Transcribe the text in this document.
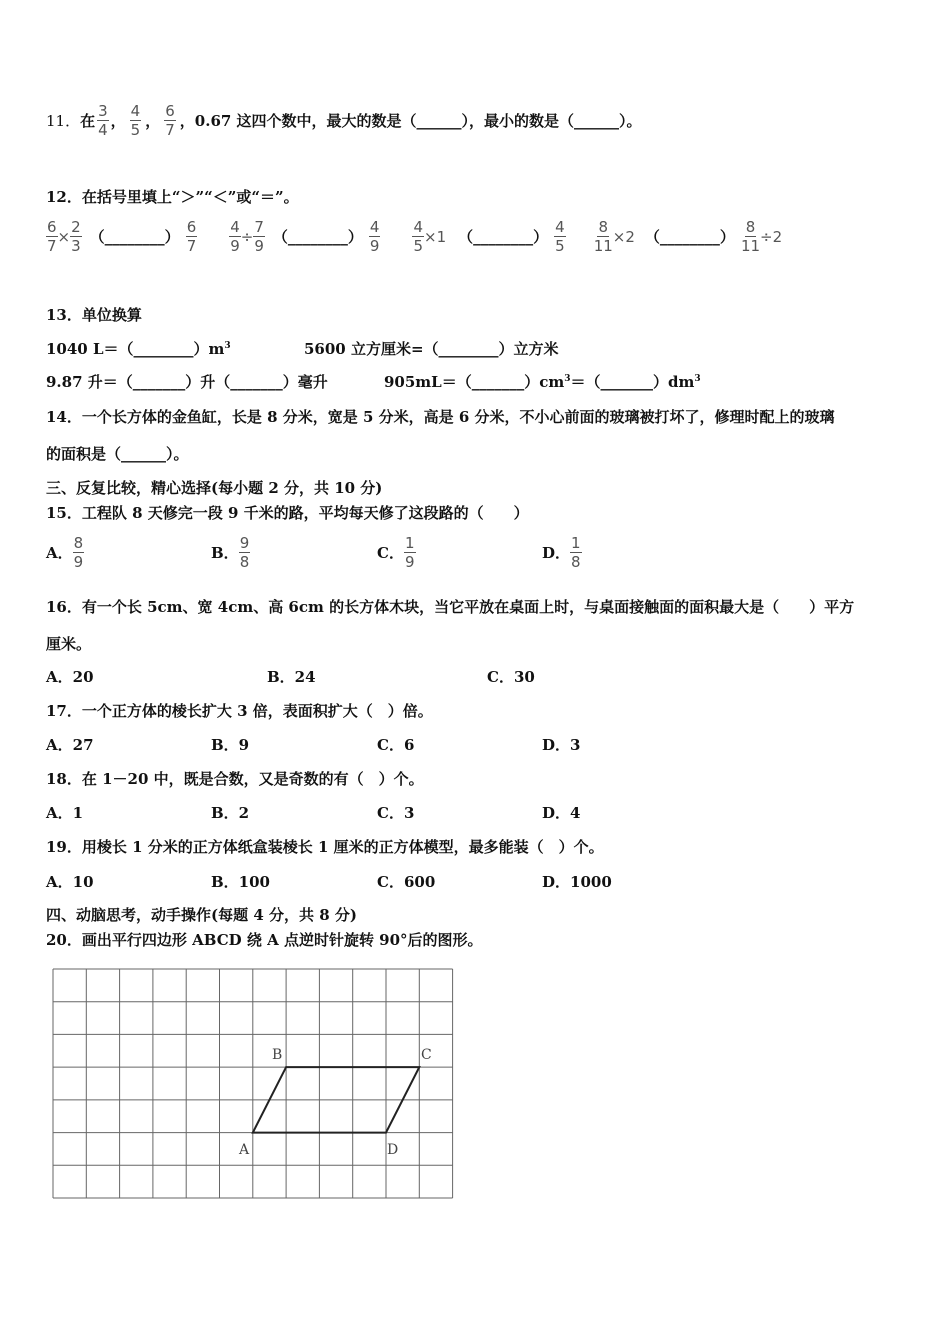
11． 在
3
4 ，
4
5 ，
6
7 ， 0.67 这四个数中，最大的数是（______），最小的数是（______）。
12．在括号里填上“＞”“＜”或“＝”。
$\frac{6}{7} \times \frac{2}{3}$ （________）
6
$7 \frac{4}{9} \div \frac{7}{9}$ （________）
4
$9 \frac{4}{5} \times 1$ （________）
4
$5 \frac{8}{11} \times 2$ （________） $\frac{8}{11} \div 2$
13．单位换算
1040 $L=(\_\_\_\_\_\_\_\_)m^3$	5600 立方厘米=（________）立方米
9.87 升＝（_______）升（_______）毫升	$905mL=(\_\_\_\_\_\_\_)cm^3=(\_\_\_\_\_\_\_)dm^3$
14．一个长方体的金鱼缸，长是 8 分米，宽是 5 分米，高是 6 分米，不小心前面的玻璃被打坏了，修理时配上的玻璃
的面积是（______）。
三、反复比较，精心选择(每小题 2 分，共 10 分)
15．工程队 8 天修完一段 9 千米的路，平均每天修了这段路的（　　）
A．
8
9	B．
9
8	C．
1
9	D．
1
8
16．有一个长 5cm、宽 4cm、高 6cm 的长方体木块，当它平放在桌面上时，与桌面接触面的面积最大是（　　）平方
厘米。
A．20	B．24	C．30
17．一个正方体的棱长扩大 3 倍，表面积扩大（　）倍。
A．27	B．9	C．6	D．3
18．在 1－20 中，既是合数，又是奇数的有（　）个。
A．1	B．2	C．3	D．4
19．用棱长 1 分米的正方体纸盒装棱长 1 厘米的正方体模型，最多能装（　）个。
A．10	B．100	C．600	D．1000
四、动脑思考，动手操作(每题 4 分，共 8 分)
20．画出平行四边形 ABCD 绕 A 点逆时针旋转 90°后的图形。
B	C
A	D
